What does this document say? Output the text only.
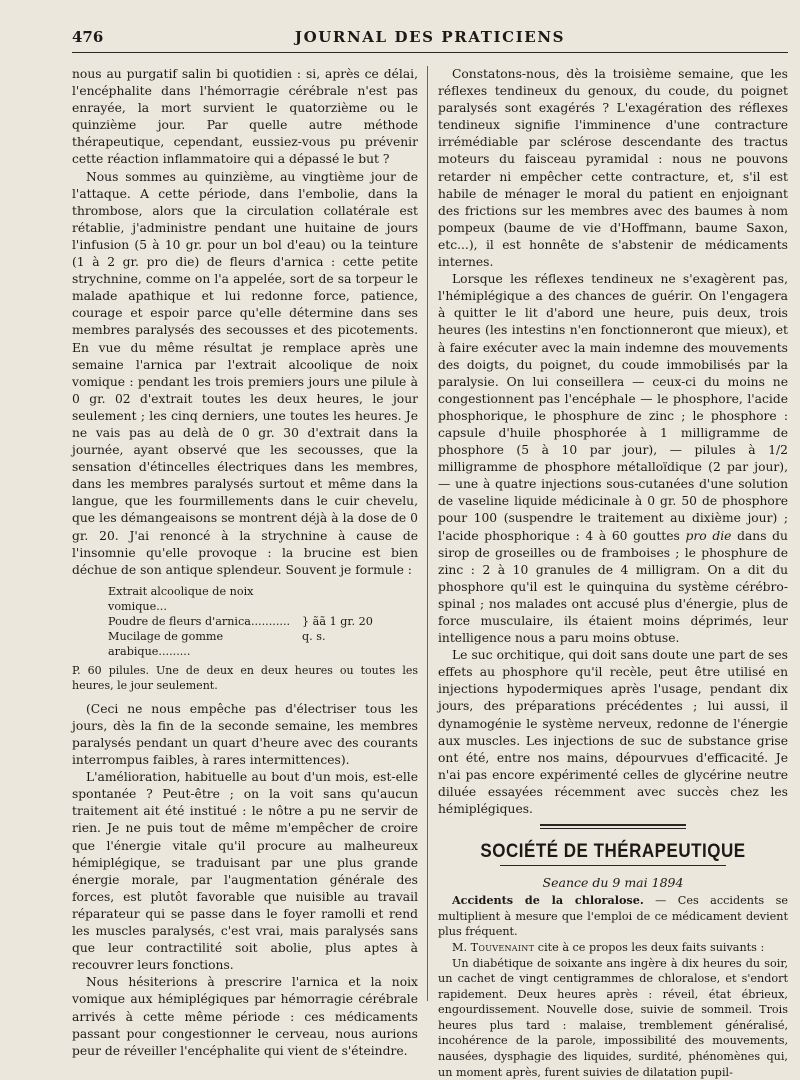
476	JOURNAL DES PRATICIENS

nous au purgatif salin bi quotidien : si, après ce délai, l'encéphalite dans l'hémorragie cérébrale n'est pas enrayée, la mort survient le quatorzième ou le quinzième jour. Par quelle autre méthode thérapeutique, cependant, eussiez-vous pu prévenir cette réaction inflammatoire qui a dépassé le but ?

Nous sommes au quinzième, au vingtième jour de l'attaque. A cette période, dans l'embolie, dans la thrombose, alors que la circulation collatérale est rétablie, j'administre pendant une huitaine de jours l'infusion (5 à 10 gr. pour un bol d'eau) ou la teinture (1 à 2 gr. pro die) de fleurs d'arnica : cette petite strychnine, comme on l'a appelée, sort de sa torpeur le malade apathique et lui redonne force, patience, courage et espoir parce qu'elle détermine dans ses membres paralysés des secousses et des picotements. En vue du même résultat je remplace après une semaine l'arnica par l'extrait alcoolique de noix vomique : pendant les trois premiers jours une pilule à 0 gr. 02 d'extrait toutes les deux heures, le jour seulement ; les cinq derniers, une toutes les heures. Je ne vais pas au delà de 0 gr. 30 d'extrait dans la journée, ayant observé que les secousses, que la sensation d'étincelles électriques dans les membres, dans les membres paralysés surtout et même dans la langue, que les fourmillements dans le cuir chevelu, que les démangeaisons se montrent déjà à la dose de 0 gr. 20. J'ai renoncé à la strychnine à cause de l'insomnie qu'elle provoque : la brucine est bien déchue de son antique splendeur. Souvent je formule :

Extrait alcoolique de noix vomique...
Poudre de fleurs d'arnica...........	} ãã 1 gr. 20
Mucilage de gomme arabique.........
q. s.

P. 60 pilules. Une de deux en deux heures ou toutes les heures, le jour seulement.

(Ceci ne nous empêche pas d'électriser tous les jours, dès la fin de la seconde semaine, les membres paralysés pendant un quart d'heure avec des courants interrompus faibles, à rares intermittences).

L'amélioration, habituelle au bout d'un mois, est-elle spontanée ? Peut-être ; on la voit sans qu'aucun traitement ait été institué : le nôtre a pu ne servir de rien. Je ne puis tout de même m'empêcher de croire que l'énergie vitale qu'il procure au malheureux hémiplégique, se traduisant par une plus grande énergie morale, par l'augmentation générale des forces, est plutôt favorable que nuisible au travail réparateur qui se passe dans le foyer ramolli et rend les muscles paralysés, c'est vrai, mais paralysés sans que leur contractilité soit abolie, plus aptes à recouvrer leurs fonctions.

Nous hésiterions à prescrire l'arnica et la noix vomique aux hémiplégiques par hémorragie cérébrale arrivés à cette même période : ces médicaments passant pour congestionner le cerveau, nous aurions peur de réveiller l'encéphalite qui vient de s'éteindre.

Constatons-nous, dès la troisième semaine, que les réflexes tendineux du genoux, du coude, du poignet paralysés sont exagérés ? L'exagération des réflexes tendineux signifie l'imminence d'une contracture irrémédiable par sclérose descendante des tractus moteurs du faisceau pyramidal : nous ne pouvons retarder ni empêcher cette contracture, et, s'il est habile de ménager le moral du patient en enjoignant des frictions sur les membres avec des baumes à nom pompeux (baume de vie d'Hoffmann, baume Saxon, etc...), il est honnête de s'abstenir de médicaments internes.

Lorsque les réflexes tendineux ne s'exagèrent pas, l'hémiplégique a des chances de guérir. On l'engagera à quitter le lit d'abord une heure, puis deux, trois heures (les intestins n'en fonctionneront que mieux), et à faire exécuter avec la main indemne des mouvements des doigts, du poignet, du coude immobilisés par la paralysie. On lui conseillera — ceux-ci du moins ne congestionnent pas l'encéphale — le phosphore, l'acide phosphorique, le phosphure de zinc ; le phosphore : capsule d'huile phosphorée à 1 milligramme de phosphore (5 à 10 par jour), — pilules à 1/2 milligramme de phosphore métalloïdique (2 par jour), — une à quatre injections sous-cutanées d'une solution de vaseline liquide médicinale à 0 gr. 50 de phosphore pour 100 (suspendre le traitement au dixième jour) ; l'acide phosphorique : 4 à 60 gouttes pro die dans du sirop de groseilles ou de framboises ; le phosphure de zinc : 2 à 10 granules de 4 milligram. On a dit du phosphore qu'il est le quinquina du système cérébro-spinal ; nos malades ont accusé plus d'énergie, plus de force musculaire, ils étaient moins déprimés, leur intelligence nous a paru moins obtuse.

Le suc orchitique, qui doit sans doute une part de ses effets au phosphore qu'il recèle, peut être utilisé en injections hypodermiques après l'usage, pendant dix jours, des préparations précédentes ; lui aussi, il dynamogénie le système nerveux, redonne de l'énergie aux muscles. Les injections de suc de substance grise ont été, entre nos mains, dépourvues d'efficacité. Je n'ai pas encore expérimenté celles de glycérine neutre diluée essayées récemment avec succès chez les hémiplégiques.

SOCIÉTÉ DE THÉRAPEUTIQUE
Seance du 9 mai 1894

Accidents de la chloralose. — Ces accidents se multiplient à mesure que l'emploi de ce médicament devient plus fréquent.

M. Touvenaint cite à ce propos les deux faits suivants :

Un diabétique de soixante ans ingère à dix heures du soir, un cachet de vingt centigrammes de chloralose, et s'endort rapidement. Deux heures après : réveil, état ébrieux, engourdissement. Nouvelle dose, suivie de sommeil. Trois heures plus tard : malaise, tremblement généralisé, incohérence de la parole, impossibilité des mouvements, nausées, dysphagie des liquides, surdité, phénomènes qui, un moment après, furent suivies de dilatation pupil-
